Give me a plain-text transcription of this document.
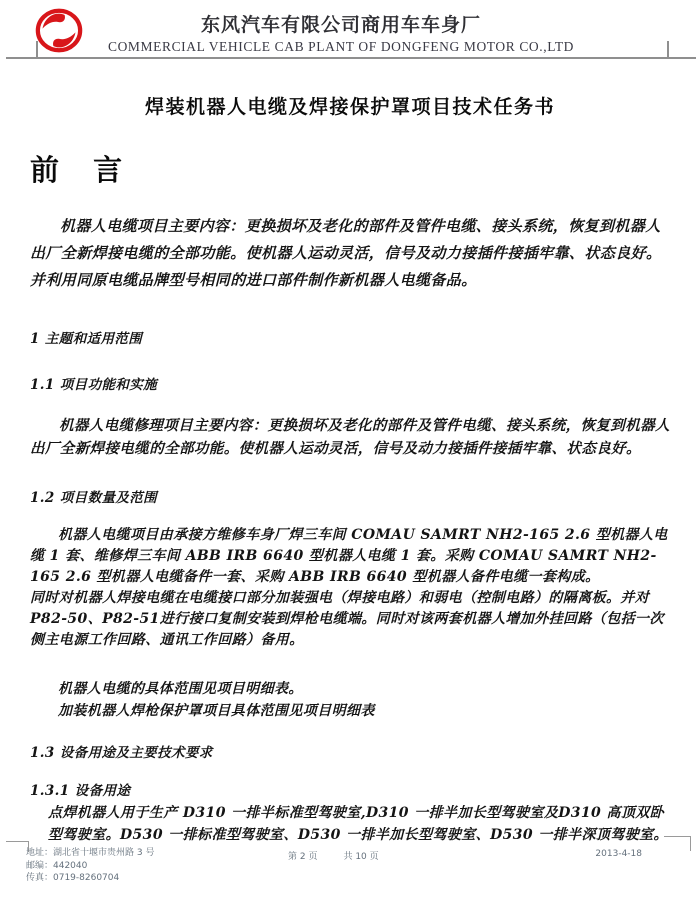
东风汽车有限公司商用车车身厂
COMMERCIAL VEHICLE CAB PLANT OF DONGFENG MOTOR CO.,LTD
焊装机器人电缆及焊接保护罩项目技术任务书
前 言

机器人电缆项目主要内容：更换损坏及老化的部件及管件电缆、接头系统，恢复到机器人出厂全新焊接电缆的全部功能。使机器人运动灵活，信号及动力接插件接插牢靠、状态良好。并利用同原电缆品牌型号相同的进口部件制作新机器人电缆备品。

1 主题和适用范围
1.1 项目功能和实施

机器人电缆修理项目主要内容：更换损坏及老化的部件及管件电缆、接头系统，恢复到机器人出厂全新焊接电缆的全部功能。使机器人运动灵活，信号及动力接插件接插牢靠、状态良好。

1.2 项目数量及范围

机器人电缆项目由承接方维修车身厂焊三车间 COMAU SAMRT NH2-165 2.6 型机器人电缆 1 套、维修焊三车间 ABB IRB 6640 型机器人电缆 1 套。采购 COMAU SAMRT NH2-165 2.6 型机器人电缆备件一套、采购 ABB IRB 6640 型机器人备件电缆一套构成。

同时对机器人焊接电缆在电缆接口部分加装强电（焊接电路）和弱电（控制电路）的隔离板。并对P82-50、P82-51进行接口复制安装到焊枪电缆端。同时对该两套机器人增加外挂回路（包括一次侧主电源工作回路、通讯工作回路）备用。

机器人电缆的具体范围见项目明细表。

加装机器人焊枪保护罩项目具体范围见项目明细表

1.3 设备用途及主要技术要求
1.3.1 设备用途

点焊机器人用于生产 D310 一排半标准型驾驶室,D310 一排半加长型驾驶室及D310 高顶双卧型驾驶室。D530 一排标准型驾驶室、D530 一排半加长型驾驶室、D530 一排半深顶驾驶室。

地址：湖北省十堰市贵州路 3 号
邮编：442040
传真：0719-8260704
第 2 页	共 10 页	2013-4-18
